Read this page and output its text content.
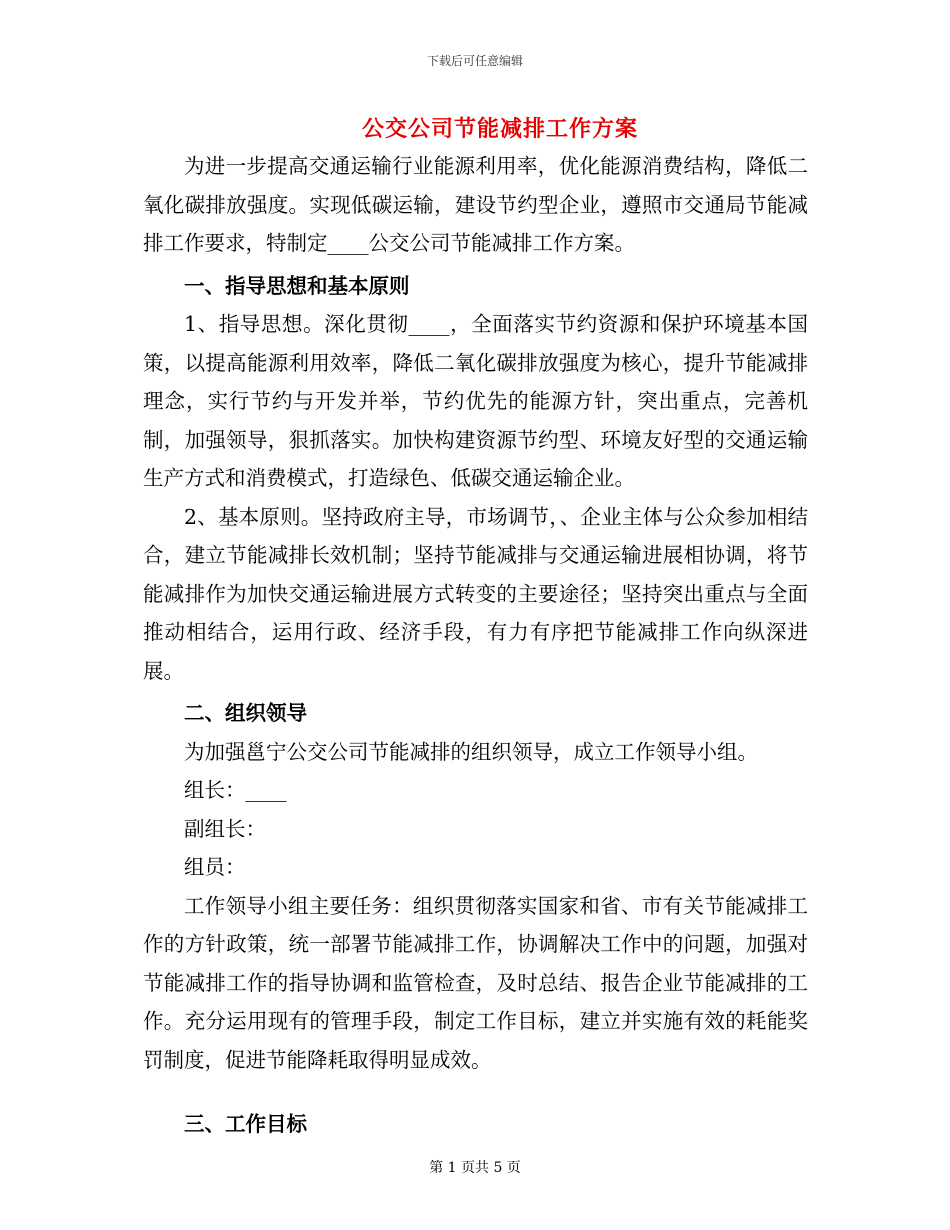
下载后可任意编辑
公交公司节能减排工作方案

为进一步提高交通运输行业能源利用率，优化能源消费结构，降低二氧化碳排放强度。实现低碳运输，建设节约型企业，遵照市交通局节能减排工作要求，特制定____公交公司节能减排工作方案。

一、指导思想和基本原则

1、指导思想。深化贯彻____，全面落实节约资源和保护环境基本国策，以提高能源利用效率，降低二氧化碳排放强度为核心，提升节能减排理念，实行节约与开发并举，节约优先的能源方针，突出重点，完善机制，加强领导，狠抓落实。加快构建资源节约型、环境友好型的交通运输生产方式和消费模式，打造绿色、低碳交通运输企业。

2、基本原则。坚持政府主导，市场调节，、企业主体与公众参加相结合，建立节能减排长效机制；坚持节能减排与交通运输进展相协调，将节能减排作为加快交通运输进展方式转变的主要途径；坚持突出重点与全面推动相结合，运用行政、经济手段，有力有序把节能减排工作向纵深进展。

二、组织领导

为加强邕宁公交公司节能减排的组织领导，成立工作领导小组。

组长：____

副组长：

组员：

工作领导小组主要任务：组织贯彻落实国家和省、市有关节能减排工作的方针政策，统一部署节能减排工作，协调解决工作中的问题，加强对节能减排工作的指导协调和监管检查，及时总结、报告企业节能减排的工作。充分运用现有的管理手段，制定工作目标，建立并实施有效的耗能奖罚制度，促进节能降耗取得明显成效。

三、工作目标
第 1 页共 5 页
